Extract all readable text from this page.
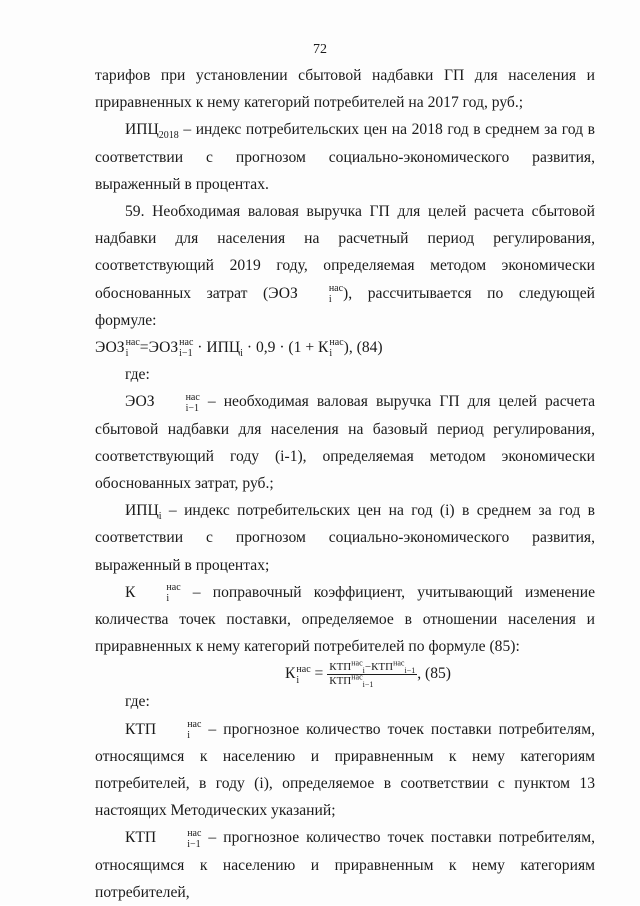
72

тарифов при установлении сбытовой надбавки ГП для населения и приравненных к нему категорий потребителей на 2017 год, руб.;

$ИПЦ_{2018}$ – индекс потребительских цен на 2018 год в среднем за год в соответствии с прогнозом социально-экономического развития, выраженный в процентах.

59. Необходимая валовая выручка ГП для целей расчета сбытовой надбавки для населения на расчетный период регулирования, соответствующий 2019 году, определяемая методом экономически обоснованных затрат (ЭОЗ	нас
i ), рассчитывается по следующей формуле:

ЭОЗ нас
i =ЭОЗ нас
$i-1 \cdot ИПЦ_i \cdot 0,9 \cdot (1 + К$ нас
i ), (84)

где:

ЭОЗ	нас
i−1 – необходимая валовая выручка ГП для целей расчета сбытовой надбавки для населения на базовый период регулирования, соответствующий году (i-1), определяемая методом экономически обоснованных затрат, руб.;

$ИПЦ_i$ – индекс потребительских цен на год (i) в среднем за год в соответствии с прогнозом социально-экономического развития, выраженный в процентах;

К	нас
i – поправочный коэффициент, учитывающий изменение количества точек поставки, определяемое в отношении населения и приравненных к нему категорий потребителей по формуле (85):

К нас
$i = \frac{КТП^{нас}_i-КТП^{нас}_{i-1}}{КТП^{нас}_{i-1}}$ , (85)

где:

КТП	нас
i – прогнозное количество точек поставки потребителям, относящимся к населению и приравненным к нему категориям потребителей, в году (i), определяемое в соответствии с пунктом 13 настоящих Методических указаний;

КТП	нас
i−1 – прогнозное количество точек поставки потребителям, относящимся к населению и приравненным к нему категориям потребителей,
